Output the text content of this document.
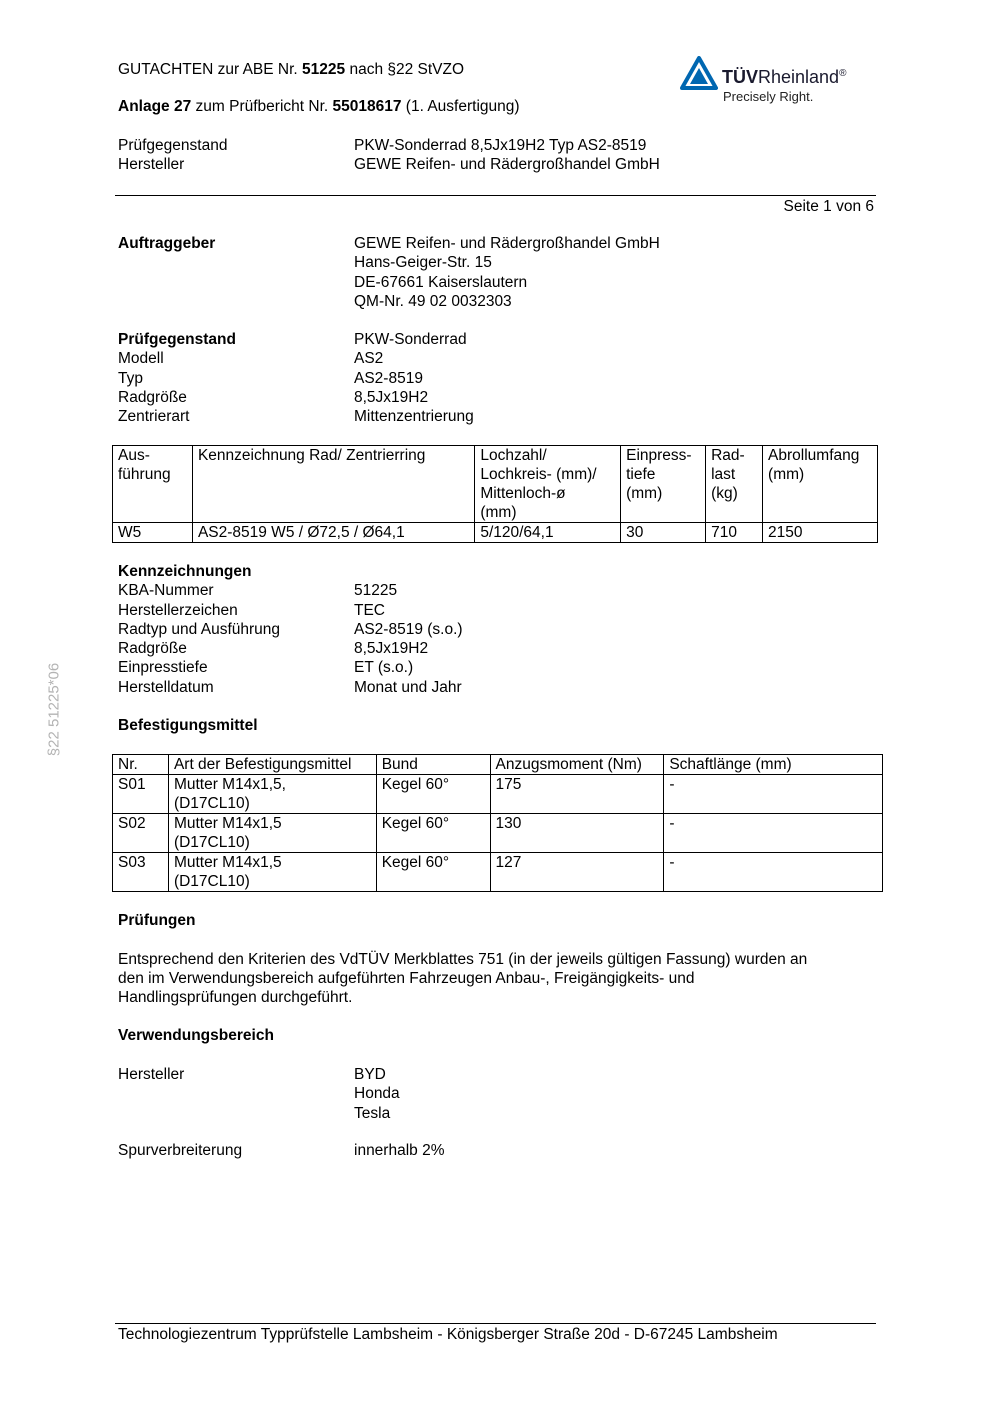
§22 51225*06
GUTACHTEN zur ABE Nr. 51225 nach §22 StVZO
Anlage 27 zum Prüfbericht Nr. 55018617 (1. Ausfertigung)
TÜVRheinland®
Precisely Right.
Prüfgegenstand	PKW-Sonderrad 8,5Jx19H2 Typ AS2-8519
Hersteller	GEWE Reifen- und Rädergroßhandel GmbH
Seite 1 von 6
Auftraggeber	GEWE Reifen- und Rädergroßhandel GmbH
Hans-Geiger-Str. 15
DE-67661 Kaiserslautern
QM-Nr. 49 02 0032303
Prüfgegenstand	PKW-Sonderrad
Modell	AS2
Typ	AS2-8519
Radgröße	8,5Jx19H2
Zentrierart	Mittenzentrierung
Aus-
führung	Kennzeichnung Rad/ Zentrierring	Lochzahl/
Lochkreis- (mm)/
Mittenloch-ø
(mm)	Einpress-
tiefe
(mm)	Rad-
last
(kg)	Abrollumfang
(mm)
W5	AS2-8519 W5 / Ø72,5 / Ø64,1	5/120/64,1	30	710	2150
Kennzeichnungen
KBA-Nummer	51225
Herstellerzeichen	TEC
Radtyp und Ausführung	AS2-8519 (s.o.)
Radgröße	8,5Jx19H2
Einpresstiefe	ET (s.o.)
Herstelldatum	Monat und Jahr
Befestigungsmittel
Nr.	Art der Befestigungsmittel	Bund	Anzugsmoment (Nm)	Schaftlänge (mm)
S01	Mutter M14x1,5,
(D17CL10)	Kegel 60°	175	-
S02	Mutter M14x1,5
(D17CL10)	Kegel 60°	130	-
S03	Mutter M14x1,5
(D17CL10)	Kegel 60°	127	-
Prüfungen
Entsprechend den Kriterien des VdTÜV Merkblattes 751 (in der jeweils gültigen Fassung) wurden an
den im Verwendungsbereich aufgeführten Fahrzeugen Anbau-, Freigängigkeits- und
Handlingsprüfungen durchgeführt.
Verwendungsbereich
Hersteller	BYD
Honda
Tesla
Spurverbreiterung	innerhalb 2%
Technologiezentrum Typprüfstelle Lambsheim - Königsberger Straße 20d - D-67245 Lambsheim
